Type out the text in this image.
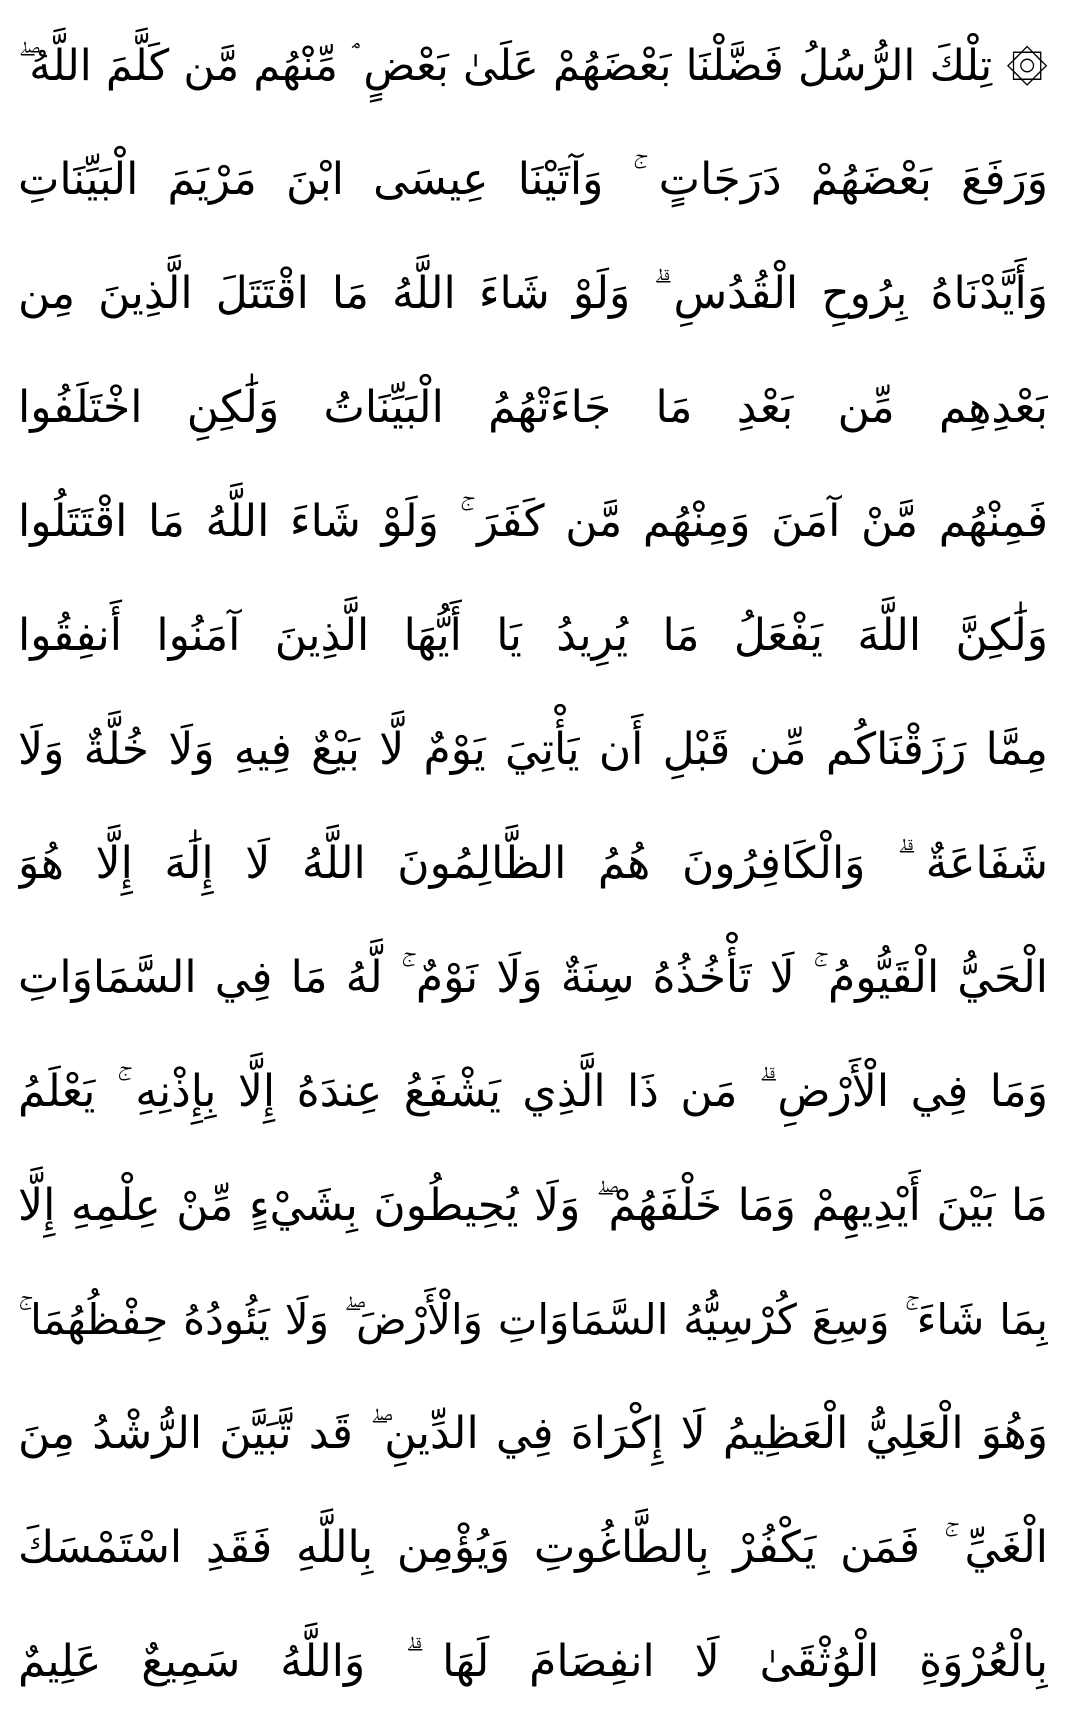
۞ تِلْكَ الرُّسُلُ فَضَّلْنَا بَعْضَهُمْ عَلَىٰ بَعْضٍ ۘ مِّنْهُم مَّن كَلَّمَ اللَّهُ ۖ
وَرَفَعَ بَعْضَهُمْ دَرَجَاتٍ ۚ وَآتَيْنَا عِيسَى ابْنَ مَرْيَمَ الْبَيِّنَاتِ
وَأَيَّدْنَاهُ بِرُوحِ الْقُدُسِ ۗ وَلَوْ شَاءَ اللَّهُ مَا اقْتَتَلَ الَّذِينَ مِن
بَعْدِهِم مِّن بَعْدِ مَا جَاءَتْهُمُ الْبَيِّنَاتُ وَلَٰكِنِ اخْتَلَفُوا
فَمِنْهُم مَّنْ آمَنَ وَمِنْهُم مَّن كَفَرَ ۚ وَلَوْ شَاءَ اللَّهُ مَا اقْتَتَلُوا
وَلَٰكِنَّ اللَّهَ يَفْعَلُ مَا يُرِيدُ يَا أَيُّهَا الَّذِينَ آمَنُوا أَنفِقُوا
مِمَّا رَزَقْنَاكُم مِّن قَبْلِ أَن يَأْتِيَ يَوْمٌ لَّا بَيْعٌ فِيهِ وَلَا خُلَّةٌ وَلَا
شَفَاعَةٌ ۗ وَالْكَافِرُونَ هُمُ الظَّالِمُونَ اللَّهُ لَا إِلَٰهَ إِلَّا هُوَ
الْحَيُّ الْقَيُّومُ ۚ لَا تَأْخُذُهُ سِنَةٌ وَلَا نَوْمٌ ۚ لَّهُ مَا فِي السَّمَاوَاتِ
وَمَا فِي الْأَرْضِ ۗ مَن ذَا الَّذِي يَشْفَعُ عِندَهُ إِلَّا بِإِذْنِهِ ۚ يَعْلَمُ
مَا بَيْنَ أَيْدِيهِمْ وَمَا خَلْفَهُمْ ۖ وَلَا يُحِيطُونَ بِشَيْءٍ مِّنْ عِلْمِهِ إِلَّا
بِمَا شَاءَ ۚ وَسِعَ كُرْسِيُّهُ السَّمَاوَاتِ وَالْأَرْضَ ۖ وَلَا يَئُودُهُ حِفْظُهُمَا ۚ
وَهُوَ الْعَلِيُّ الْعَظِيمُ لَا إِكْرَاهَ فِي الدِّينِ ۖ قَد تَّبَيَّنَ الرُّشْدُ مِنَ
الْغَيِّ ۚ فَمَن يَكْفُرْ بِالطَّاغُوتِ وَيُؤْمِن بِاللَّهِ فَقَدِ اسْتَمْسَكَ
بِالْعُرْوَةِ الْوُثْقَىٰ لَا انفِصَامَ لَهَا ۗ وَاللَّهُ سَمِيعٌ عَلِيمٌ
